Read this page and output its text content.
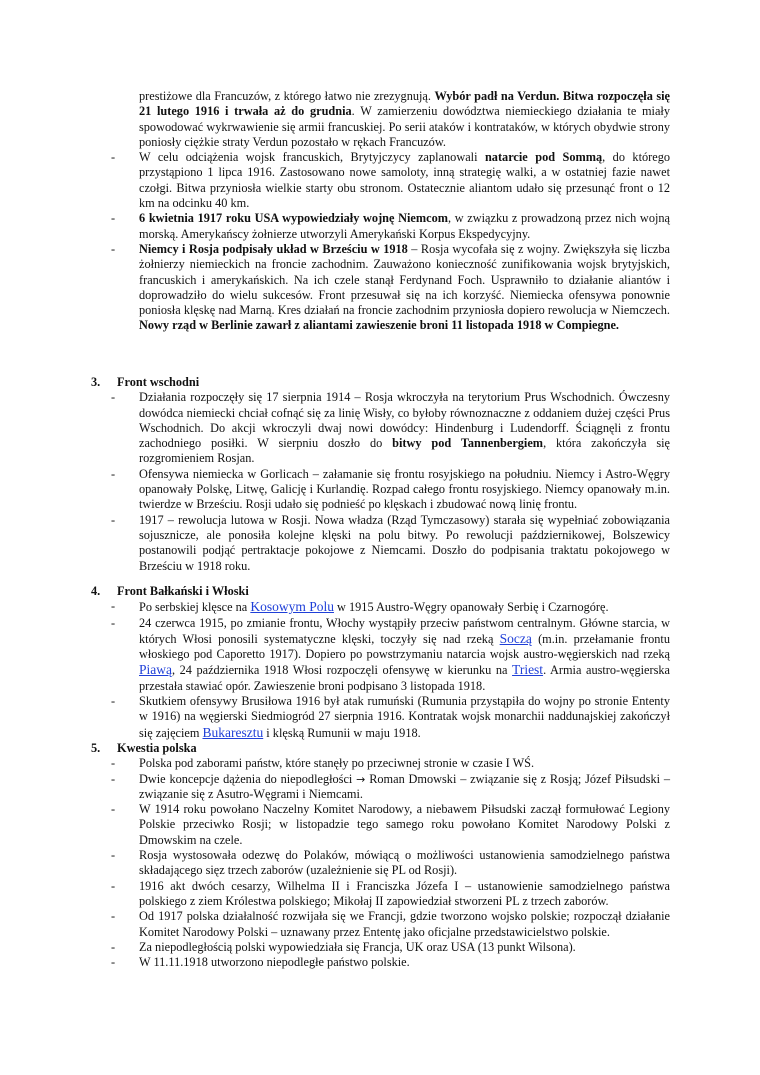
prestiżowe dla Francuzów, z którego łatwo nie zrezygnują. Wybór padł na Verdun. Bitwa rozpoczęła się 21 lutego 1916 i trwała aż do grudnia. W zamierzeniu dowództwa niemieckiego działania te miały spowodować wykrwawienie się armii francuskiej. Po serii ataków i kontrataków, w których obydwie strony poniosły ciężkie straty Verdun pozostało w rękach Francuzów.
- W celu odciążenia wojsk francuskich, Brytyjczycy zaplanowali natarcie pod Sommą, do którego przystąpiono 1 lipca 1916. Zastosowano nowe samoloty, inną strategię walki, a w ostatniej fazie nawet czołgi. Bitwa przyniosła wielkie starty obu stronom. Ostatecznie aliantom udało się przesunąć front o 12 km na odcinku 40 km.
- 6 kwietnia 1917 roku USA wypowiedziały wojnę Niemcom, w związku z prowadzoną przez nich wojną morską. Amerykańscy żołnierze utworzyli Amerykański Korpus Ekspedycyjny.
- Niemcy i Rosja podpisały układ w Brześciu w 1918 – Rosja wycofała się z wojny. Zwiększyła się liczba żołnierzy niemieckich na froncie zachodnim. Zauważono konieczność zunifikowania wojsk brytyjskich, francuskich i amerykańskich. Na ich czele stanął Ferdynand Foch. Usprawniło to działanie aliantów i doprowadziło do wielu sukcesów. Front przesuwał się na ich korzyść. Niemiecka ofensywa ponownie poniosła klęskę nad Marną. Kres działań na froncie zachodnim przyniosła dopiero rewolucja w Niemczech. Nowy rząd w Berlinie zawarł z aliantami zawieszenie broni 11 listopada 1918 w Compiegne.
3. Front wschodni
- Działania rozpoczęły się 17 sierpnia 1914 – Rosja wkroczyła na terytorium Prus Wschodnich. Ówczesny dowódca niemiecki chciał cofnąć się za linię Wisły, co byłoby równoznaczne z oddaniem dużej części Prus Wschodnich. Do akcji wkroczyli dwaj nowi dowódcy: Hindenburg i Ludendorff. Ściągnęli z frontu zachodniego posiłki. W sierpniu doszło do bitwy pod Tannenbergiem, która zakończyła się rozgromieniem Rosjan.
- Ofensywa niemiecka w Gorlicach – załamanie się frontu rosyjskiego na południu. Niemcy i Astro-Węgry opanowały Polskę, Litwę, Galicję i Kurlandię. Rozpad całego frontu rosyjskiego. Niemcy opanowały m.in. twierdze w Brześciu. Rosji udało się podnieść po klęskach i zbudować nową linię frontu.
- 1917 – rewolucja lutowa w Rosji. Nowa władza (Rząd Tymczasowy) starała się wypełniać zobowiązania sojusznicze, ale ponosiła kolejne klęski na polu bitwy. Po rewolucji październikowej, Bolszewicy postanowili podjąć pertraktacje pokojowe z Niemcami. Doszło do podpisania traktatu pokojowego w Brześciu w 1918 roku.
4. Front Bałkański i Włoski
- Po serbskiej klęsce na Kosowym Polu w 1915 Austro-Węgry opanowały Serbię i Czarnogórę.
- 24 czerwca 1915, po zmianie frontu, Włochy wystąpiły przeciw państwom centralnym. Główne starcia, w których Włosi ponosili systematyczne klęski, toczyły się nad rzeką Soczą (m.in. przełamanie frontu włoskiego pod Caporetto 1917). Dopiero po powstrzymaniu natarcia wojsk austro-węgierskich nad rzeką Piawą, 24 października 1918 Włosi rozpoczęli ofensywę w kierunku na Triest. Armia austro-węgierska przestała stawiać opór. Zawieszenie broni podpisano 3 listopada 1918.
- Skutkiem ofensywy Brusiłowa 1916 był atak rumuński (Rumunia przystąpiła do wojny po stronie Ententy w 1916) na węgierski Siedmiogród 27 sierpnia 1916. Kontratak wojsk monarchii naddunajskiej zakończył się zajęciem Bukaresztu i klęską Rumunii w maju 1918.
5. Kwestia polska
- Polska pod zaborami państw, które stanęły po przeciwnej stronie w czasie I WŚ.
- Dwie koncepcje dążenia do niepodległości → Roman Dmowski – związanie się z Rosją; Józef Piłsudski – związanie się z Asutro-Węgrami i Niemcami.
- W 1914 roku powołano Naczelny Komitet Narodowy, a niebawem Piłsudski zaczął formułować Legiony Polskie przeciwko Rosji; w listopadzie tego samego roku powołano Komitet Narodowy Polski z Dmowskim na czele.
- Rosja wystosowała odezwę do Polaków, mówiącą o możliwości ustanowienia samodzielnego państwa składającego sięz trzech zaborów (uzależnienie się PL od Rosji).
- 1916 akt dwóch cesarzy, Wilhelma II i Franciszka Józefa I – ustanowienie samodzielnego państwa polskiego z ziem Królestwa polskiego; Mikołaj II zapowiedział stworzeni PL z trzech zaborów.
- Od 1917 polska działalność rozwijała się we Francji, gdzie tworzono wojsko polskie; rozpoczął działanie Komitet Narodowy Polski – uznawany przez Ententę jako oficjalne przedstawicielstwo polskie.
- Za niepodległością polski wypowiedziała się Francja, UK oraz USA (13 punkt Wilsona).
- W 11.11.1918 utworzono niepodległe państwo polskie.
